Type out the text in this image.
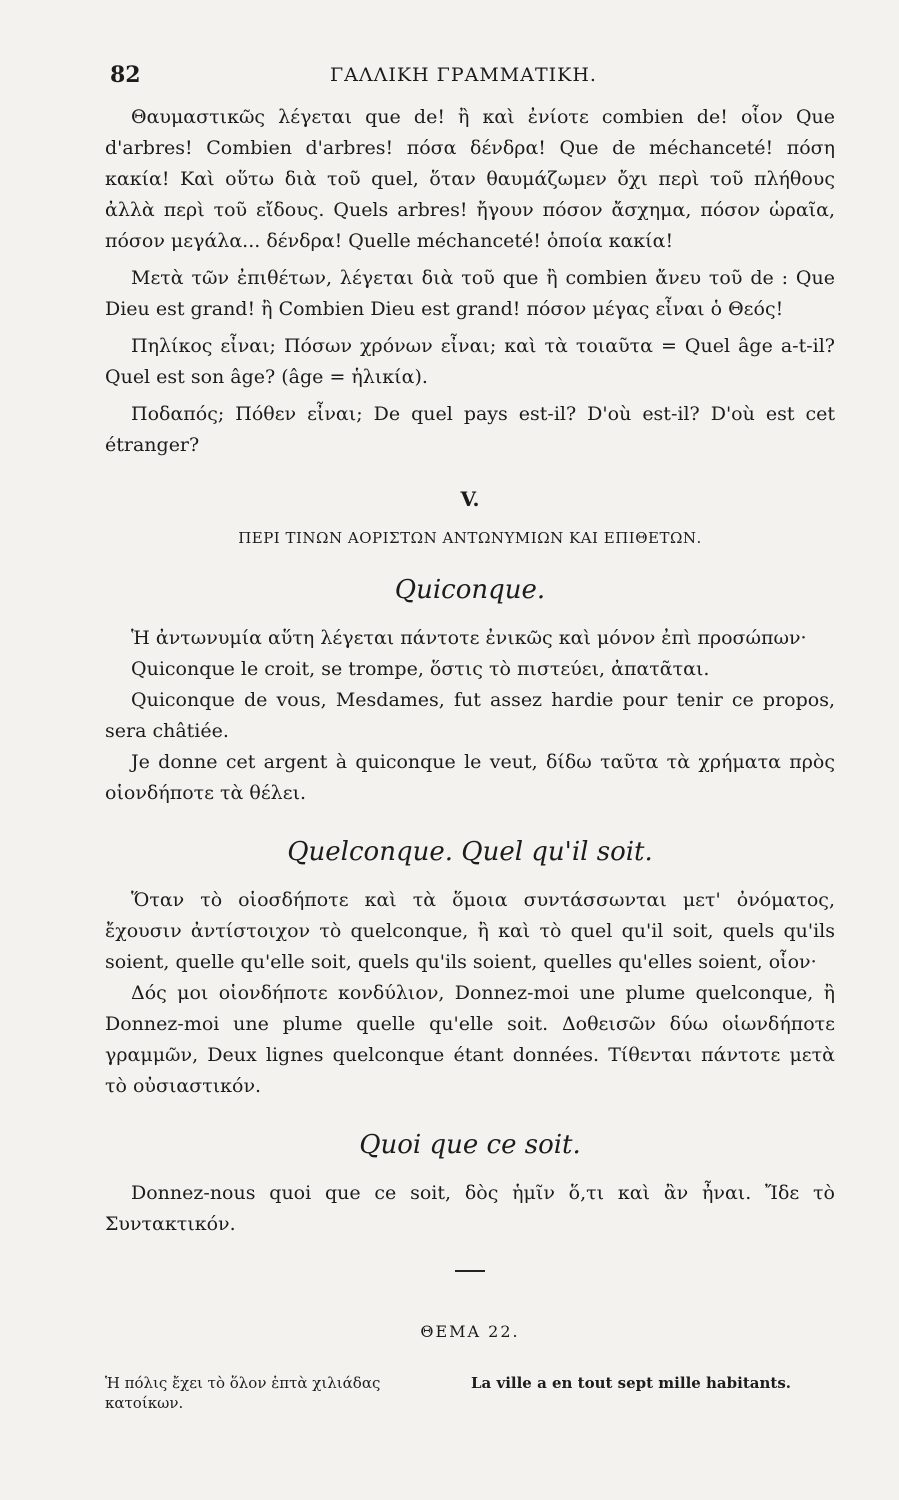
82	ΓΑΛΛΙΚΗ ΓΡΑΜΜΑΤΙΚΗ.

Θαυμαστικῶς λέγεται que de! ἢ καὶ ἐνίοτε combien de! οἷον Que d'arbres! Combien d'arbres! πόσα δένδρα! Que de méchanceté! πόση κακία! Καὶ οὕτω διὰ τοῦ quel, ὅταν θαυμάζωμεν ὄχι περὶ τοῦ πλήθους ἀλλὰ περὶ τοῦ εἴδους. Quels arbres! ἤγουν πόσον ἄσχημα, πόσον ὡραῖα, πόσον μεγάλα... δένδρα! Quelle méchanceté! ὁποία κακία!

Μετὰ τῶν ἐπιθέτων, λέγεται διὰ τοῦ que ἢ combien ἄνευ τοῦ de : Que Dieu est grand! ἢ Combien Dieu est grand! πόσον μέγας εἶναι ὁ Θεός!

Πηλίκος εἶναι; Πόσων χρόνων εἶναι; καὶ τὰ τοιαῦτα = Quel âge a-t-il? Quel est son âge? (âge = ἡλικία).

Ποδαπός; Πόθεν εἶναι; De quel pays est-il? D'où est-il? D'où est cet étranger?

V.
ΠΕΡΙ ΤΙΝΩΝ ΑΟΡΙΣΤΩΝ ΑΝΤΩΝΥΜΙΩΝ ΚΑΙ ΕΠΙΘΕΤΩΝ.
Quiconque.

Ἡ ἀντωνυμία αὕτη λέγεται πάντοτε ἐνικῶς καὶ μόνον ἐπὶ προσώπων·

Quiconque le croit, se trompe, ὅστις τὸ πιστεύει, ἀπατᾶται.

Quiconque de vous, Mesdames, fut assez hardie pour tenir ce propos, sera châtiée.

Je donne cet argent à quiconque le veut, δίδω ταῦτα τὰ χρήματα πρὸς οἱονδήποτε τὰ θέλει.

Quelconque. Quel qu'il soit.

Ὅταν τὸ οἱοσδήποτε καὶ τὰ ὅμοια συντάσσωνται μετ' ὀνόματος, ἔχουσιν ἀντίστοιχον τὸ quelconque, ἢ καὶ τὸ quel qu'il soit, quels qu'ils soient, quelle qu'elle soit, quels qu'ils soient, quelles qu'elles soient, οἷον·

Δός μοι οἱονδήποτε κονδύλιον, Donnez-moi une plume quelconque, ἢ Donnez-moi une plume quelle qu'elle soit. Δοθεισῶν δύω οἱωνδήποτε γραμμῶν, Deux lignes quelconque étant données. Τίθενται πάντοτε μετὰ τὸ οὐσιαστικόν.

Quoi que ce soit.

Donnez-nous quoi que ce soit, δὸς ἡμῖν ὅ,τι καὶ ἂν ἦναι. Ἴδε τὸ Συντακτικόν.

ΘΕΜΑ 22.
Ἡ πόλις ἔχει τὸ ὅλον ἑπτὰ χιλιάδας κατοίκων.
La ville a en tout sept mille habitants.
